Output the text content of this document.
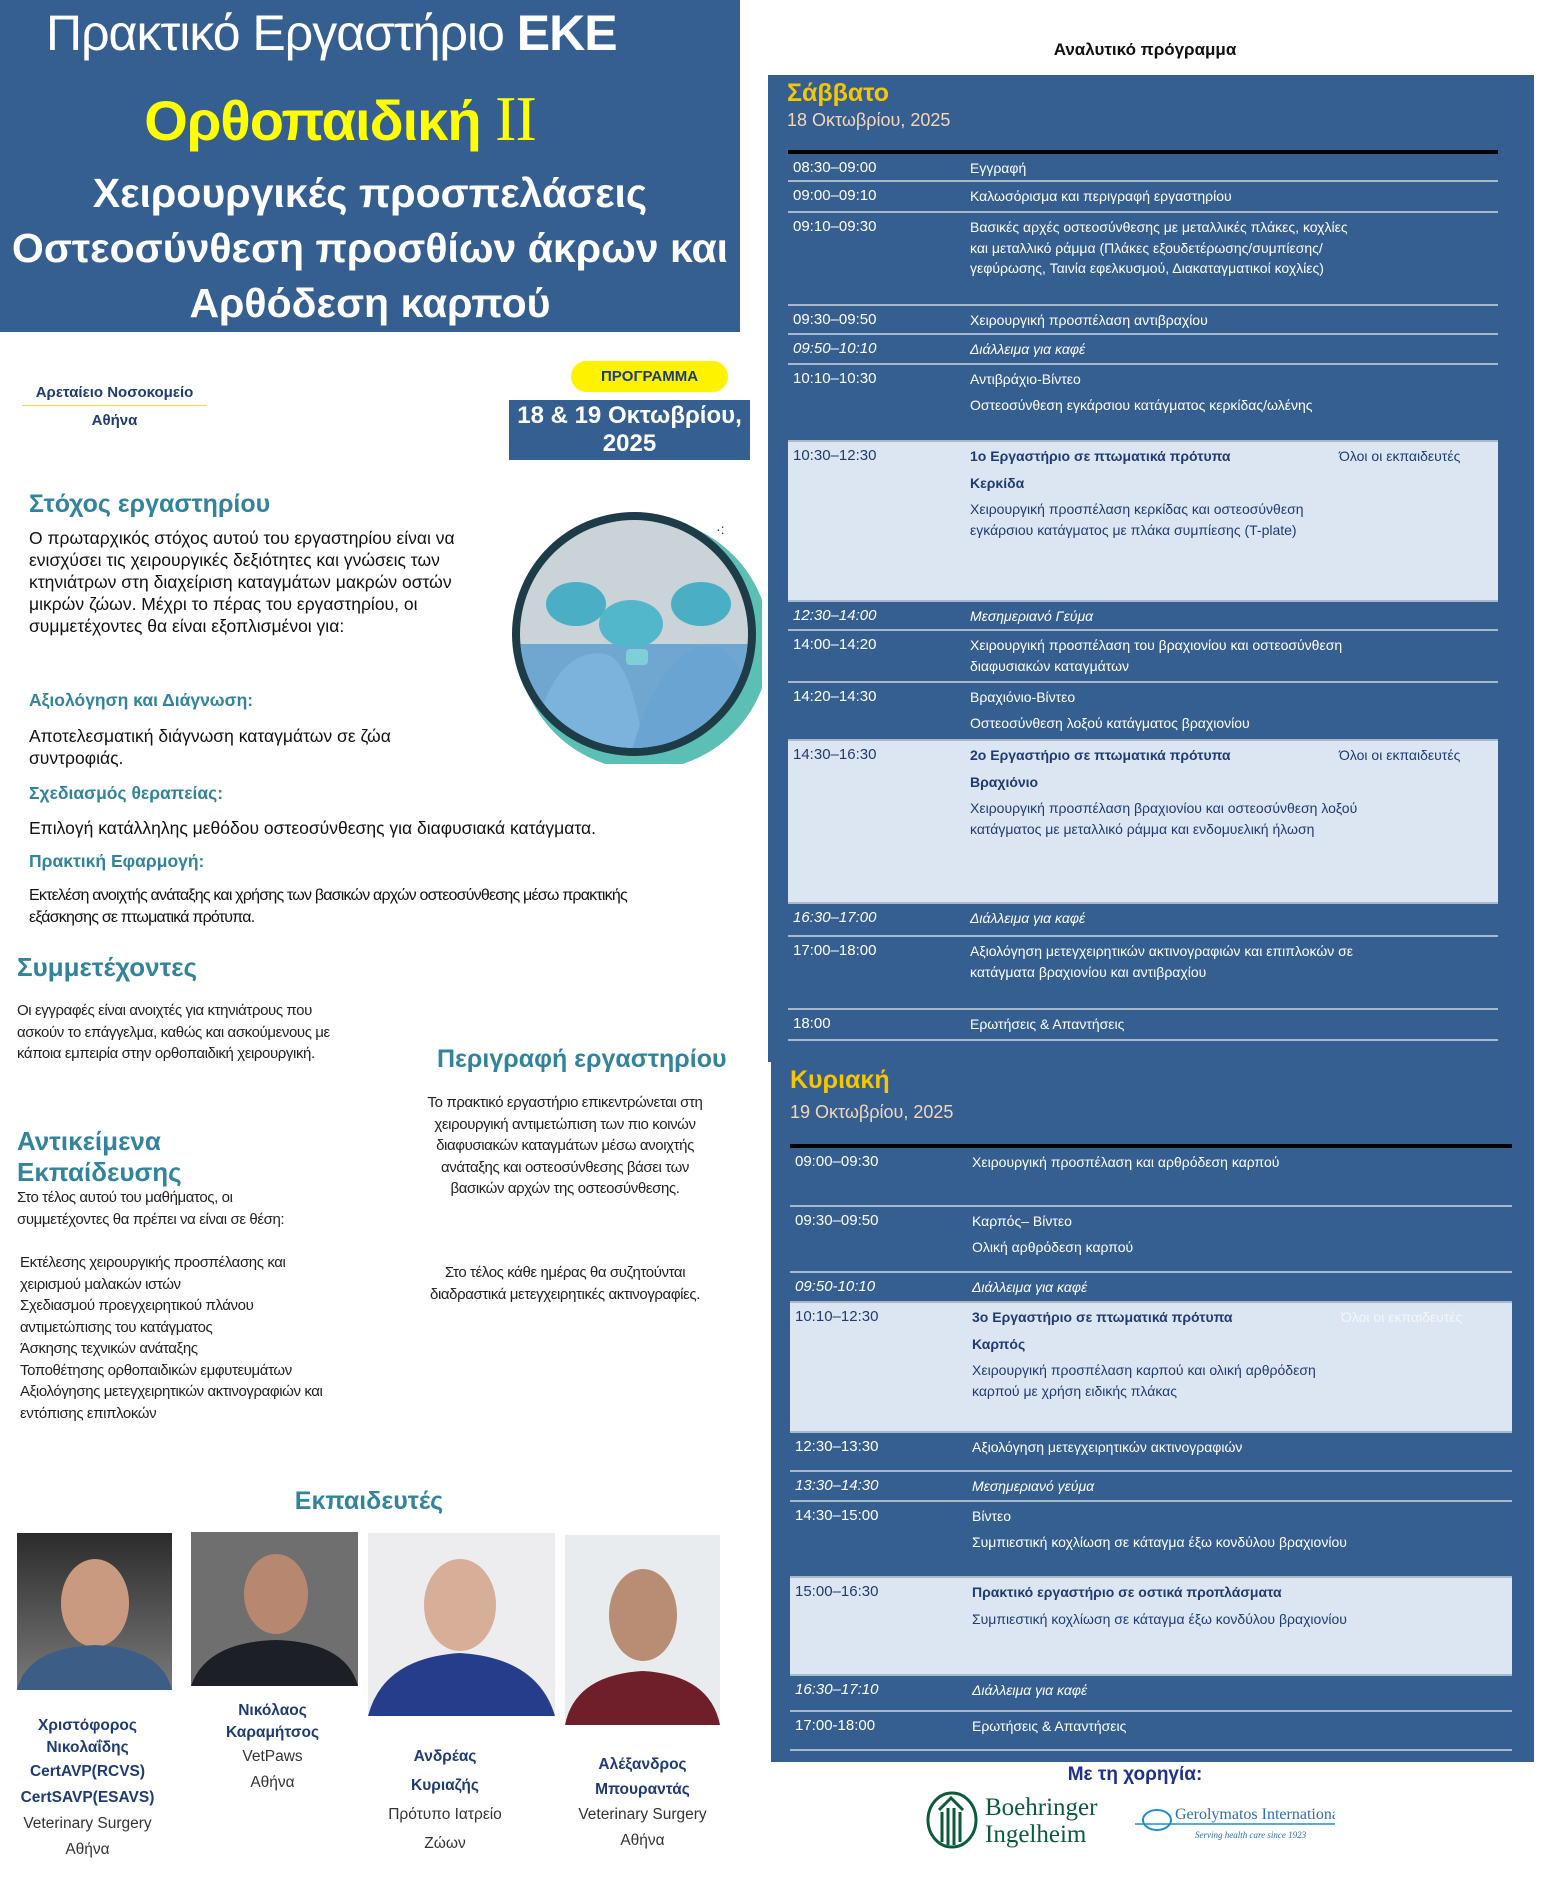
Πρακτικό Εργαστήριο ΕΚΕ
Ορθοπαιδική II
Χειρουργικές προσπελάσεις
Οστεοσύνθεση προσθίων άκρων και
Αρθόδεση καρπού
Αρεταίειο Νοσοκομείο
Αθήνα
ΠΡΟΓΡΑΜΜΑ
18 & 19 Οκτωβρίου,
2025
Στόχος εργαστηρίου
Ο πρωταρχικός στόχος αυτού του εργαστηρίου είναι να ενισχύσει τις χειρουργικές δεξιότητες και γνώσεις των κτηνιάτρων στη διαχείριση καταγμάτων μακρών οστών μικρών ζώων. Μέχρι το πέρας του εργαστηρίου, οι συμμετέχοντες θα είναι εξοπλισμένοι για:
Αξιολόγηση και Διάγνωση:
Αποτελεσματική διάγνωση καταγμάτων σε ζώα συντροφιάς.
Σχεδιασμός θεραπείας:
Επιλογή κατάλληλης μεθόδου οστεοσύνθεσης για διαφυσιακά κατάγματα.
Πρακτική Εφαρμογή:
Εκτελέση ανοιχτής ανάταξης και χρήσης των βασικών αρχών οστεοσύνθεσης μέσω πρακτικής εξάσκησης σε πτωματικά πρότυπα.
·:
Συμμετέχοντες
Οι εγγραφές είναι ανοιχτές για κτηνιάτρους που ασκούν το επάγγελμα, καθώς και ασκούμενους με κάποια εμπειρία στην ορθοπαιδική χειρουργική.	Περιγραφή εργαστηρίου
Το πρακτικό εργαστήριο επικεντρώνεται στη χειρουργική αντιμετώπιση των πιο κοινών διαφυσιακών καταγμάτων μέσω ανοιχτής ανάταξης και οστεοσύνθεσης βάσει των βασικών αρχών της οστεοσύνθεσης.
Στο τέλος κάθε ημέρας θα συζητούνται διαδραστικά μετεγχειρητικές ακτινογραφίες.
Αντικείμενα
Εκπαίδευσης
Στο τέλος αυτού του μαθήματος, οι συμμετέχοντες θα πρέπει να είναι σε θέση:
Εκτέλεσης χειρουργικής προσπέλασης και χειρισμού μαλακών ιστών
Σχεδιασμού προεγχειρητικού πλάνου αντιμετώπισης του κατάγματος
Άσκησης τεχνικών ανάταξης
Τοποθέτησης ορθοπαιδικών εμφυτευμάτων
Αξιολόγησης μετεγχειρητικών ακτινογραφιών και εντόπισης επιπλοκών
Εκπαιδευτές
Χριστόφορος
Νικολαΐδης
CertAVP(RCVS)
CertSAVP(ESAVS)
Veterinary Surgery
Αθήνα
Νικόλαος
Καραμήτσος
VetPaws
Αθήνα
Ανδρέας
Κυριαζής
Πρότυπο Ιατρείο
Ζώων
Αλέξανδρος
Μπουραντάς
Veterinary Surgery
Αθήνα
Αναλυτικό πρόγραμμα
Σάββατο
18 Οκτωβρίου, 2025
08:30–09:00	Εγγραφή
09:00–09:10	Καλωσόρισμα και περιγραφή εργαστηρίου
09:10–09:30	Βασικές αρχές οστεοσύνθεσης με μεταλλικές πλάκες, κοχλίες και μεταλλικό ράμμα (Πλάκες εξουδετέρωσης/συμπίεσης/γεφύρωσης, Ταινία εφελκυσμού, Διακαταγματικοί κοχλίες)
09:30–09:50	Χειρουργική προσπέλαση αντιβραχίου
09:50–10:10	Διάλλειμα για καφέ
10:10–10:30	Αντιβράχιο-Βίντεο
Οστεοσύνθεση εγκάρσιου κατάγματος κερκίδας/ωλένης
10:30–12:30	1ο Εργαστήριο σε πτωματικά πρότυπα
Κερκίδα
Χειρουργική προσπέλαση κερκίδας και οστεοσύνθεση εγκάρσιου κατάγματος με πλάκα συμπίεσης (T-plate)
Όλοι οι εκπαιδευτές
12:30–14:00	Μεσημεριανό Γεύμα
14:00–14:20	Χειρουργική προσπέλαση του βραχιονίου και οστεοσύνθεση διαφυσιακών καταγμάτων
14:20–14:30	Βραχιόνιο-Βίντεο
Οστεοσύνθεση λοξού κατάγματος βραχιονίου
14:30–16:30	2ο Εργαστήριο σε πτωματικά πρότυπα
Βραχιόνιο
Χειρουργική προσπέλαση βραχιονίου και οστεοσύνθεση λοξού κατάγματος με μεταλλικό ράμμα και ενδομυελική ήλωση
Όλοι οι εκπαιδευτές
16:30–17:00	Διάλλειμα για καφέ
17:00–18:00	Αξιολόγηση μετεγχειρητικών ακτινογραφιών και επιπλοκών σε κατάγματα βραχιονίου και αντιβραχίου
18:00	Ερωτήσεις & Απαντήσεις
Κυριακή
19 Οκτωβρίου, 2025
09:00–09:30	Χειρουργική προσπέλαση και αρθρόδεση καρπού
09:30–09:50	Καρπός– Βίντεο
Ολική αρθρόδεση καρπού
09:50-10:10	Διάλλειμα για καφέ
10:10–12:30	3ο Εργαστήριο σε πτωματικά πρότυπα
Καρπός
Χειρουργική προσπέλαση καρπού και ολική αρθρόδεση καρπού με χρήση ειδικής πλάκας
Όλοι οι εκπαιδευτές
12:30–13:30	Αξιολόγηση μετεγχειρητικών ακτινογραφιών
13:30–14:30	Μεσημεριανό γεύμα
14:30–15:00	Βίντεο
Συμπιεστική κοχλίωση σε κάταγμα έξω κονδύλου βραχιονίου
15:00–16:30	Πρακτικό εργαστήριο σε οστικά προπλάσματα
Συμπιεστική κοχλίωση σε κάταγμα έξω κονδύλου βραχιονίου
16:30–17:10	Διάλλειμα για καφέ
17:00-18:00	Ερωτήσεις & Απαντήσεις
Με τη χορηγία:
Boehringer
Ingelheim
Gerolymatos International
Serving health care since 1923
